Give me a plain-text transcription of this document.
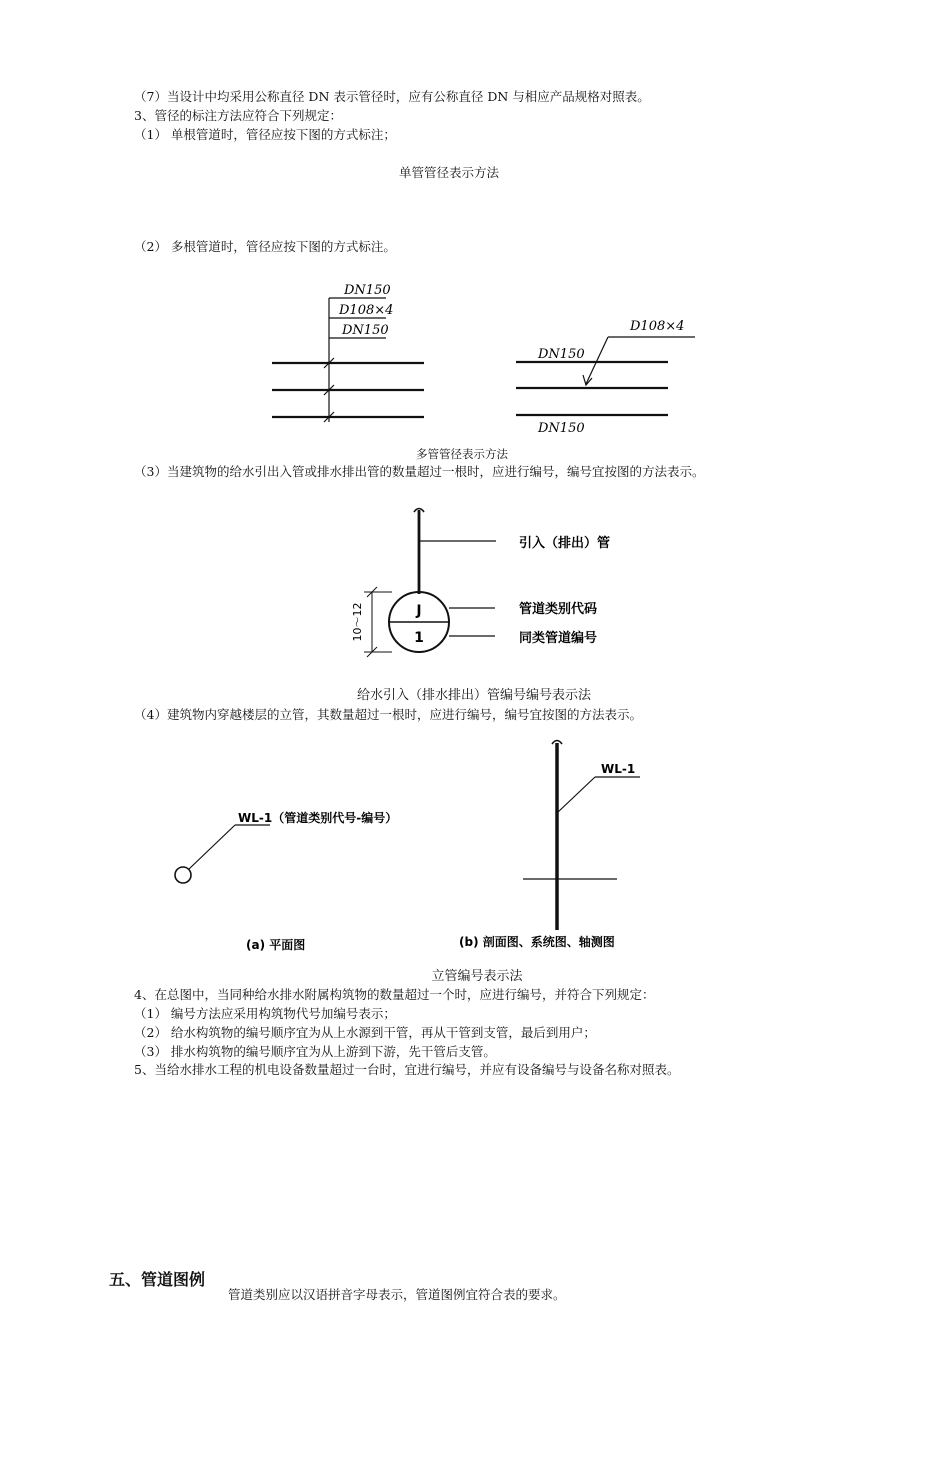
（7）当设计中均采用公称直径 DN 表示管径时，应有公称直径 DN 与相应产品规格对照表。
3、管径的标注方法应符合下列规定：
（1） 单根管道时，管径应按下图的方式标注；
单管管径表示方法
（2） 多根管道时，管径应按下图的方式标注。
DN150
D108×4
DN150	D108×4
DN150
DN150
多管管径表示方法
（3）当建筑物的给水引出入管或排水排出管的数量超过一根时，应进行编号，编号宜按图的方法表示。
J
1
引入（排出）管
管道类别代码
同类管道编号
10～12
给水引入（排水排出）管编号编号表示法
（4）建筑物内穿越楼层的立管，其数量超过一根时，应进行编号，编号宜按图的方法表示。
WL-1（管道类别代号-编号）
WL-1
(a) 平面图	(b) 剖面图、系统图、轴测图
立管编号表示法
4、在总图中，当同种给水排水附属构筑物的数量超过一个时，应进行编号，并符合下列规定：
（1） 编号方法应采用构筑物代号加编号表示；
（2） 给水构筑物的编号顺序宜为从上水源到干管，再从干管到支管，最后到用户；
（3） 排水构筑物的编号顺序宜为从上游到下游，先干管后支管。
5、当给水排水工程的机电设备数量超过一台时，宜进行编号，并应有设备编号与设备名称对照表。
五、管道图例
管道类别应以汉语拼音字母表示，管道图例宜符合表的要求。
